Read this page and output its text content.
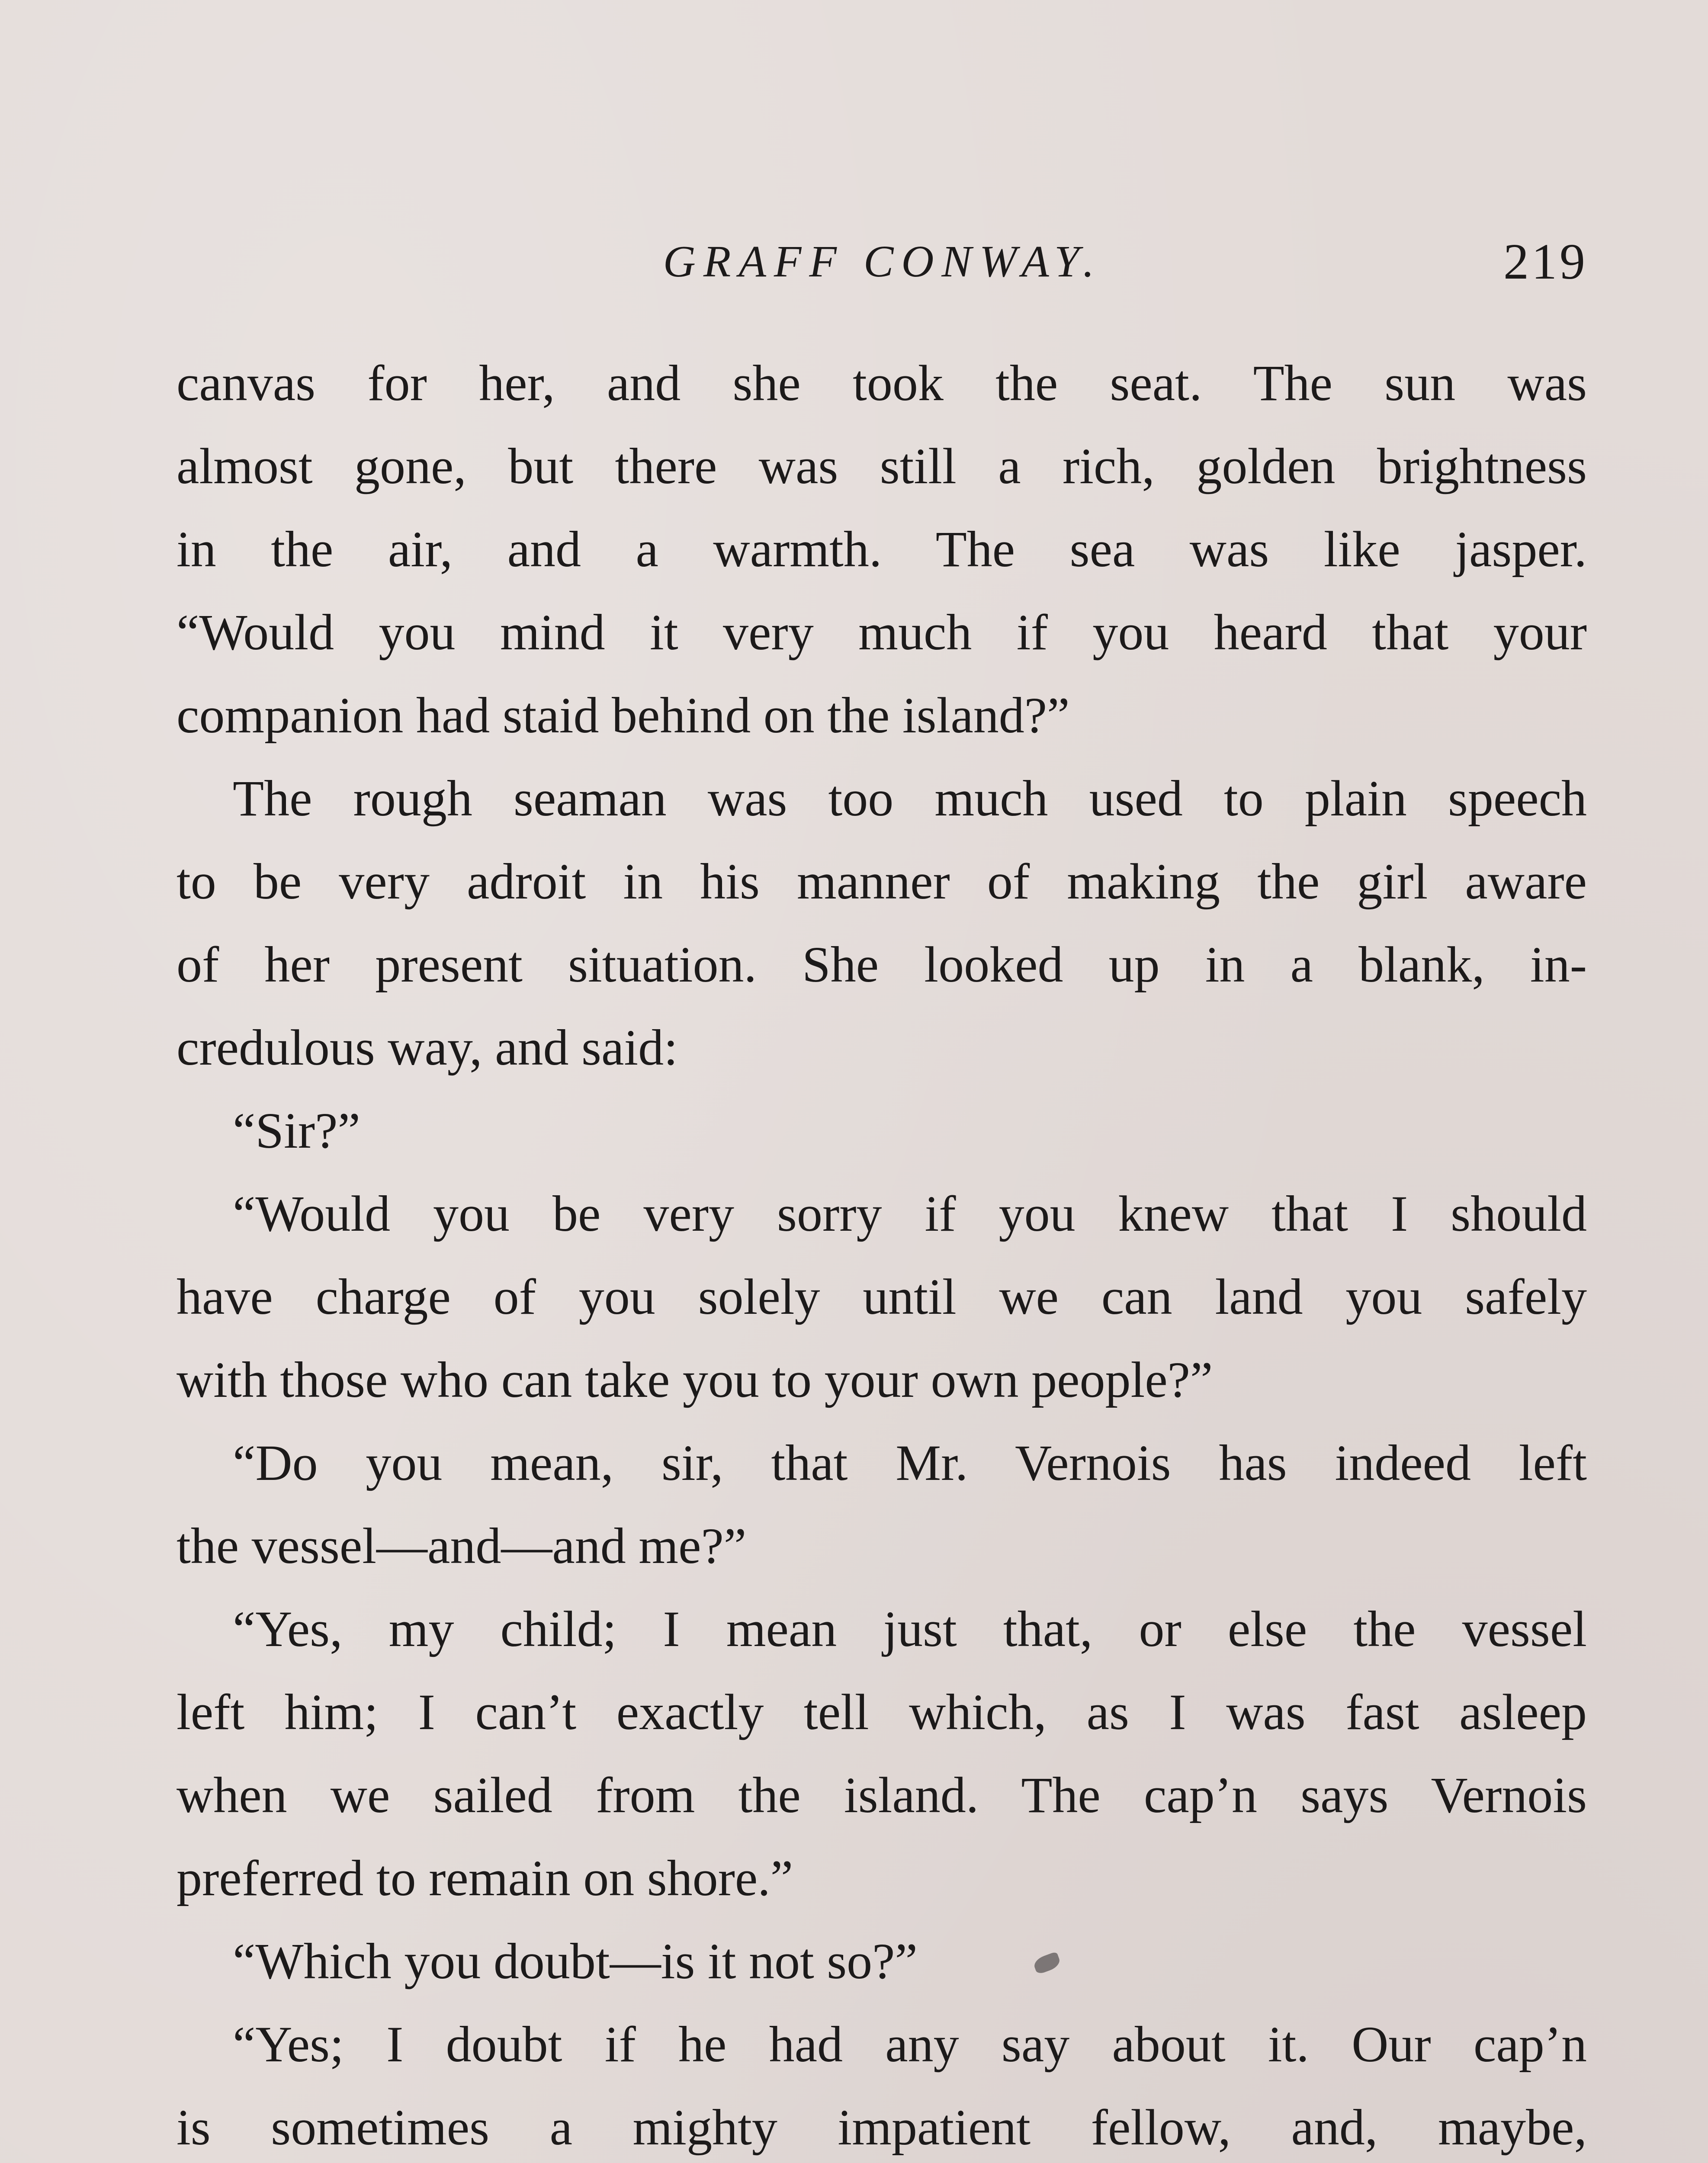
GRAFF CONWAY.	219

canvas for her, and she took the seat. The sun was
almost gone, but there was still a rich, golden brightness
in the air, and a warmth. The sea was like jasper.
“Would you mind it very much if you heard that your
companion had staid behind on the island?”

The rough seaman was too much used to plain speech
to be very adroit in his manner of making the girl aware
of her present situation. She looked up in a blank, in-
credulous way, and said:

“Sir?”

“Would you be very sorry if you knew that I should
have charge of you solely until we can land you safely
with those who can take you to your own people?”

“Do you mean, sir, that Mr. Vernois has indeed left
the vessel—and—and me?”

“Yes, my child; I mean just that, or else the vessel
left him; I can’t exactly tell which, as I was fast asleep
when we sailed from the island. The cap’n says Vernois
preferred to remain on shore.”

“Which you doubt—is it not so?”

“Yes; I doubt if he had any say about it. Our cap’n
is sometimes a mighty impatient fellow, and, maybe,
